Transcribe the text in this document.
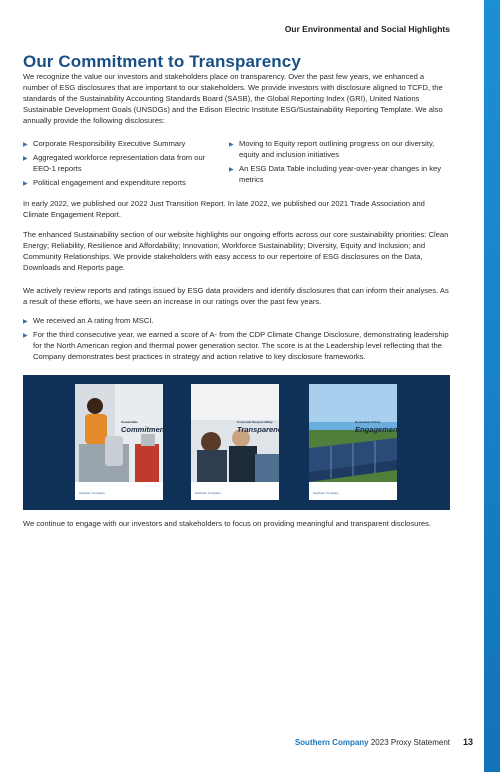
Our Environmental and Social Highlights
Our Commitment to Transparency

We recognize the value our investors and stakeholders place on transparency. Over the past few years, we enhanced a number of ESG disclosures that are important to our stakeholders. We provide investors with disclosure aligned to TCFD, the standards of the Sustainability Accounting Standards Board (SASB), the Global Reporting Index (GRI), United Nations Sustainable Development Goals (UNSDGs) and the Edison Electric Institute ESG/Sustainability Reporting Template. We also annually provide the following disclosures:

▶ Corporate Responsibility Executive Summary
▶ Aggregated workforce representation data from our EEO-1 reports
▶ Political engagement and expenditure reports
▶ Moving to Equity report outlining progress on our diversity, equity and inclusion initiatives
▶ An ESG Data Table including year-over-year changes in key metrics

In early 2022, we published our 2022 Just Transition Report. In late 2022, we published our 2021 Trade Association and Climate Engagement Report.

The enhanced Sustainability section of our website highlights our ongoing efforts across our core sustainability priorities: Clean Energy; Reliability, Resilience and Affordability; Innovation; Workforce Sustainability; Diversity, Equity and Inclusion; and Community Relationships. We provide stakeholders with easy access to our repertoire of ESG disclosures on the Data, Downloads and Reports page.

We actively review reports and ratings issued by ESG data providers and identify disclosures that can inform their analyses. As a result of these efforts, we have seen an increase in our ratings over the past few years.

▶ We received an A rating from MSCI.
▶ For the third consecutive year, we earned a score of A- from the CDP Climate Change Disclosure, demonstrating leadership for the North American region and thermal power generation sector. The score is at the Leadership level reflecting that the Company demonstrates best practices in strategy and action relative to key disclosure frameworks.
Sustainable
Commitment
Southern Company
Corporate Responsibility
Transparency
Southern Company
Renewable Policy
Engagement
Southern Company

We continue to engage with our investors and stakeholders to focus on providing meaningful and transparent disclosures.

Southern Company 2023 Proxy Statement 13
